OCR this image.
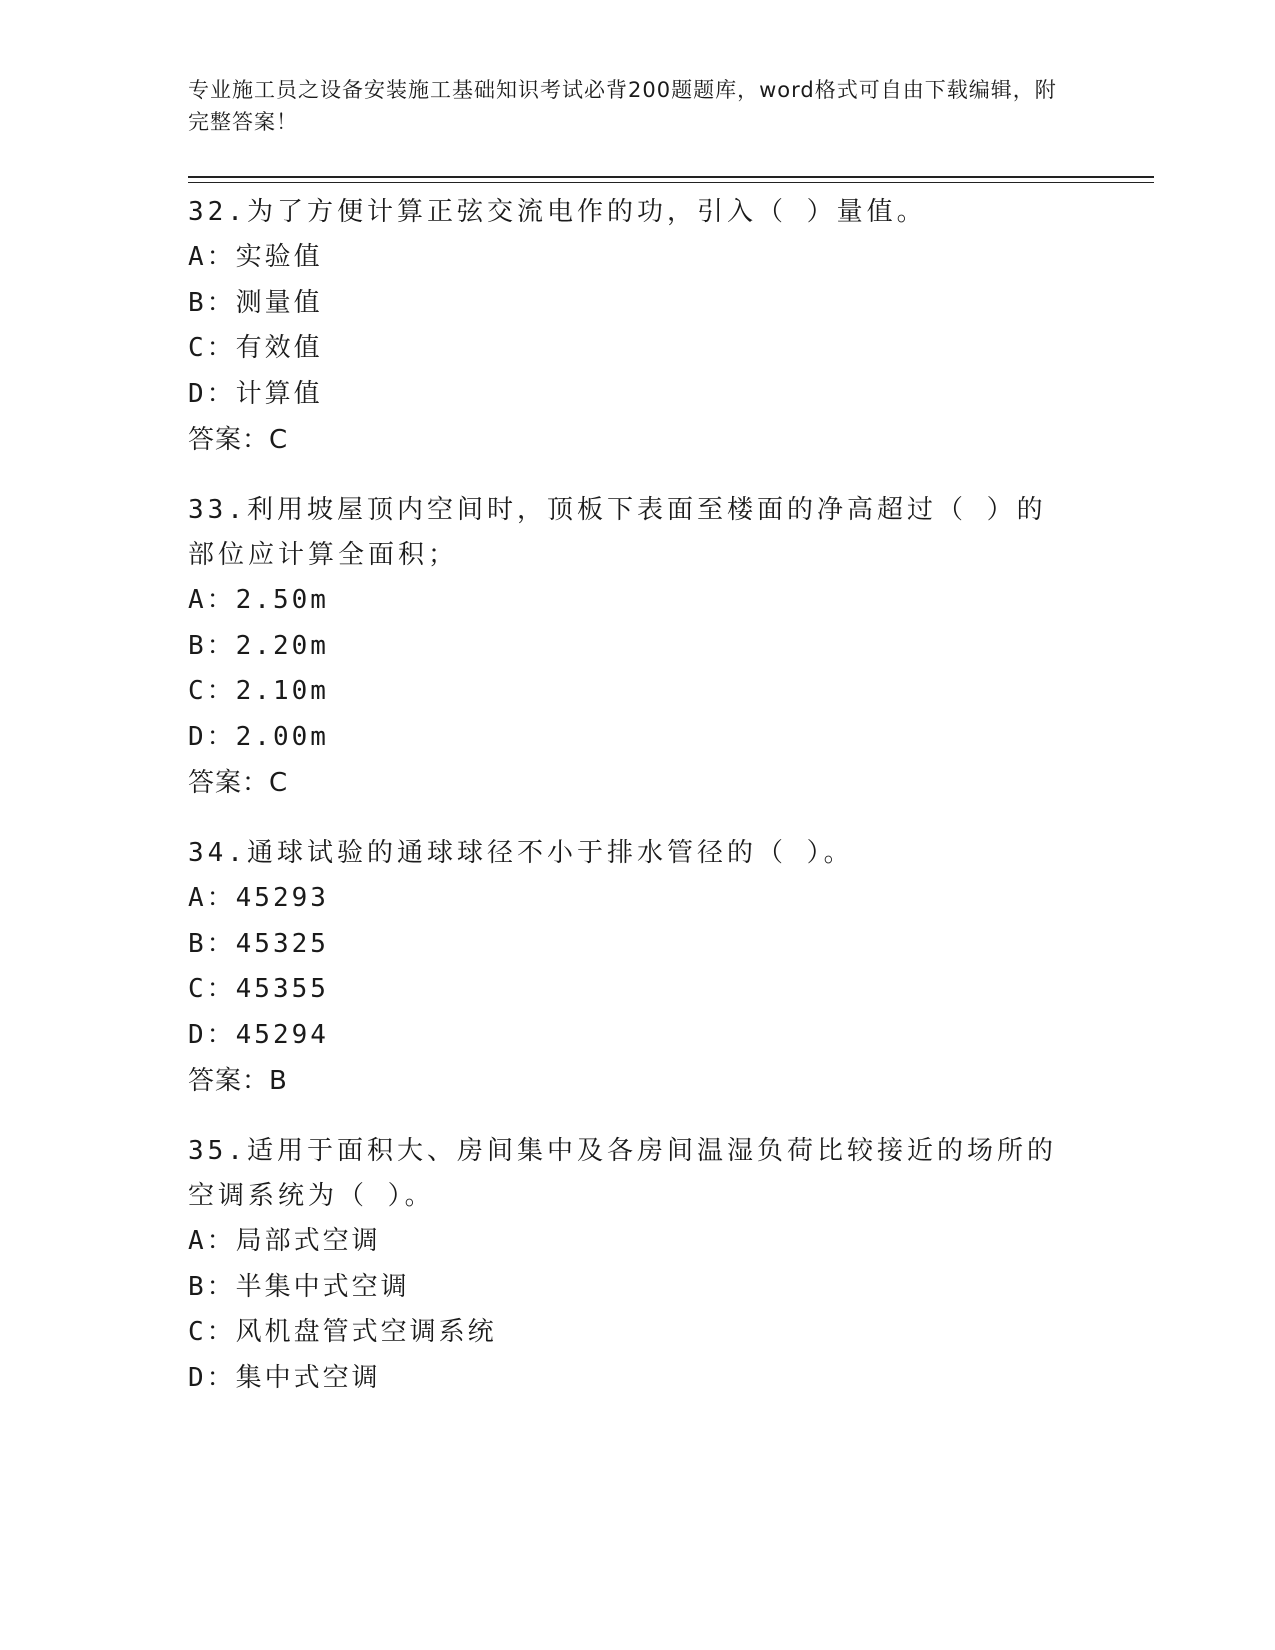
专业施工员之设备安装施工基础知识考试必背200题题库，word格式可自由下载编辑，附完整答案！

32.为了方便计算正弦交流电作的功，引入（ ）量值。

A：实验值

B：测量值

C：有效值

D：计算值

答案：C

33.利用坡屋顶内空间时，顶板下表面至楼面的净高超过（ ）的部位应计算全面积；

A：2.50m

B：2.20m

C：2.10m

D：2.00m

答案：C

34.通球试验的通球球径不小于排水管径的（ ）。

A：45293

B：45325

C：45355

D：45294

答案：B

35.适用于面积大、房间集中及各房间温湿负荷比较接近的场所的空调系统为（ ）。

A：局部式空调

B：半集中式空调

C：风机盘管式空调系统

D：集中式空调
